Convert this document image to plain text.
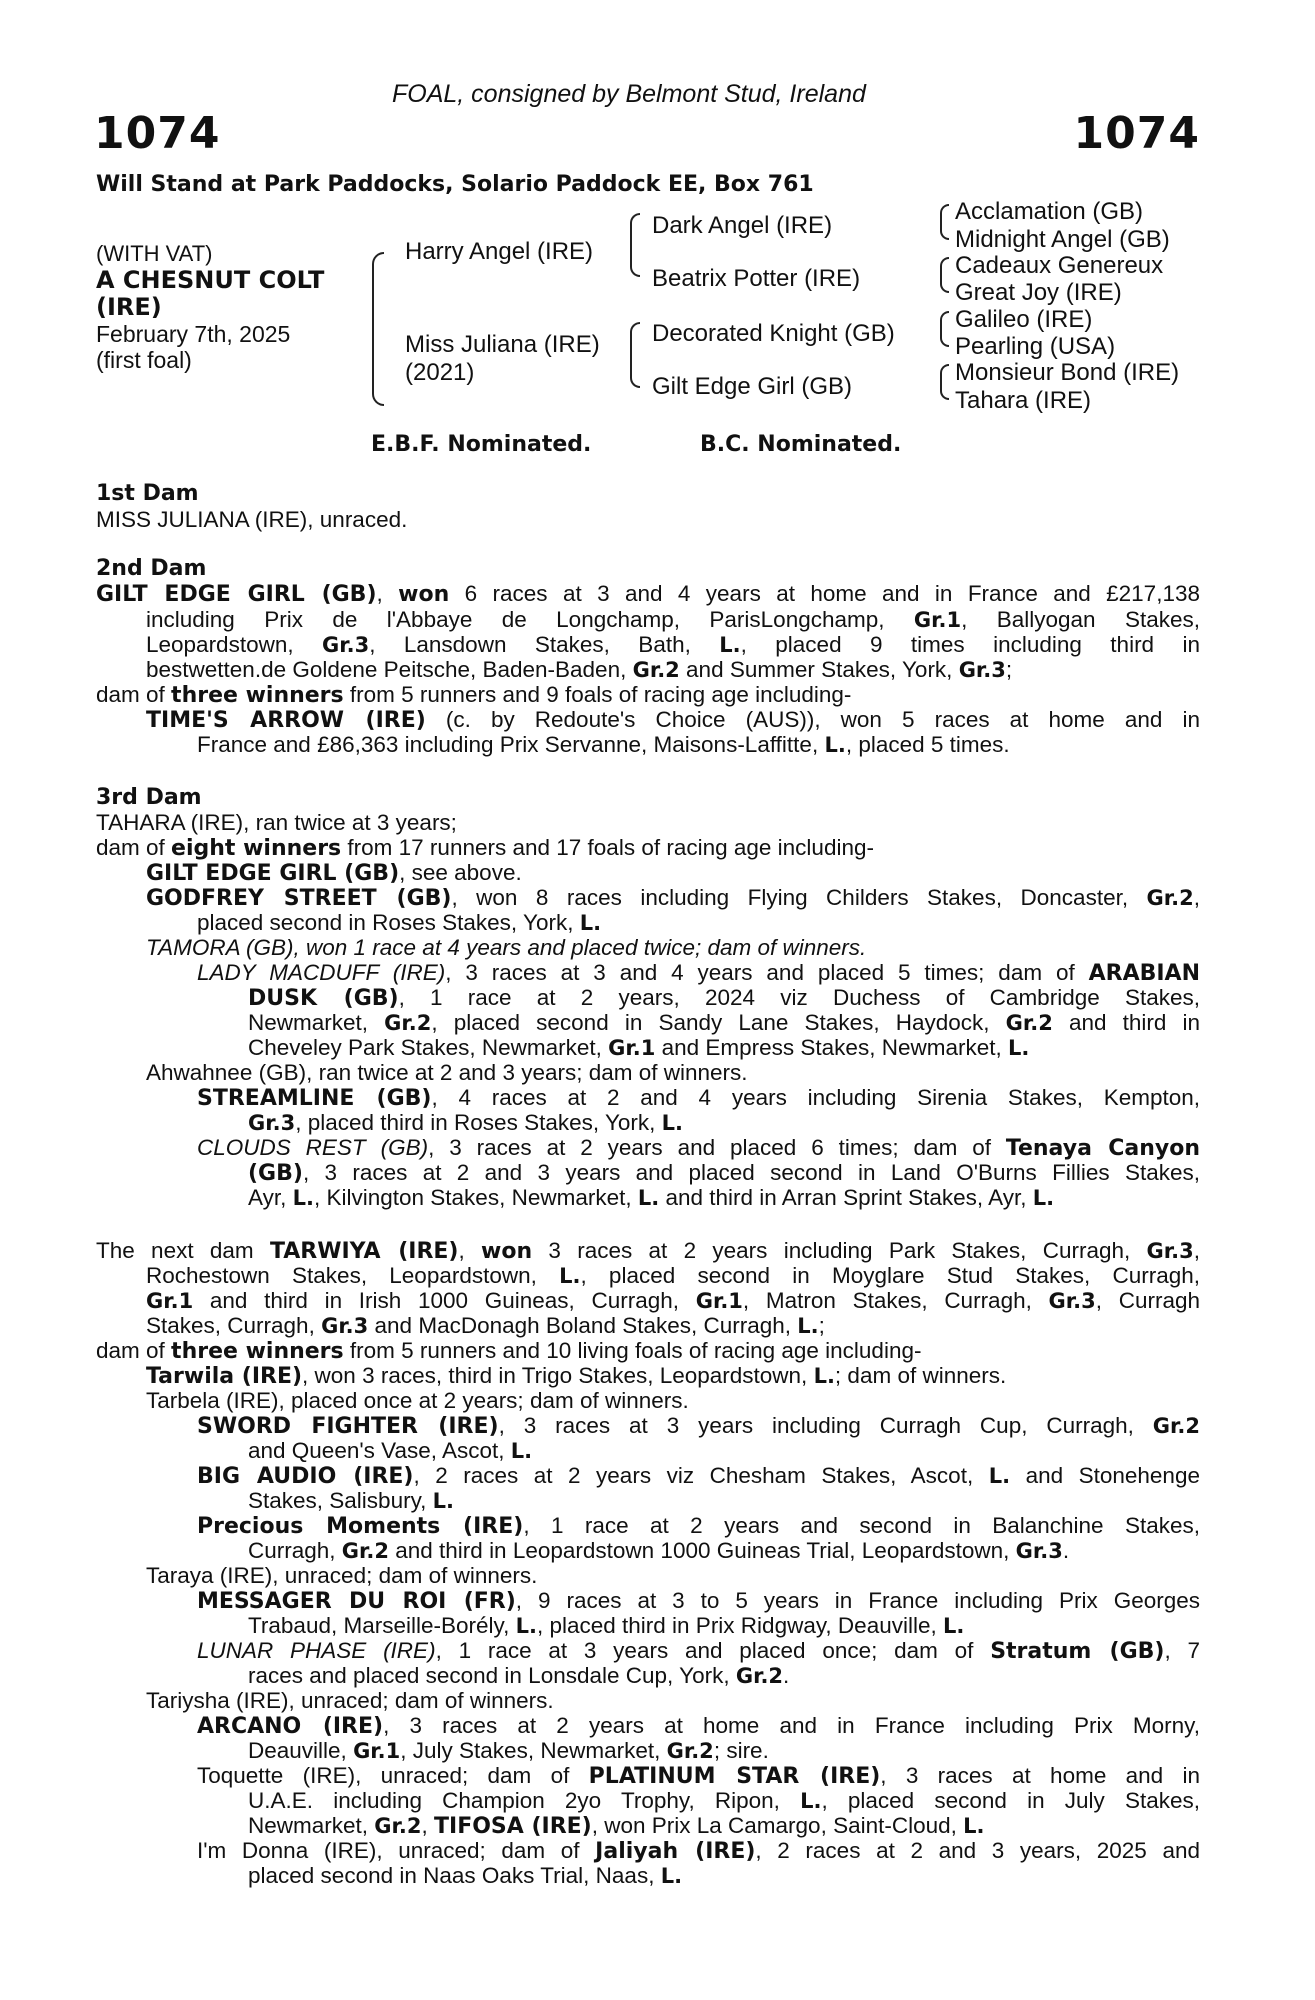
FOAL, consigned by Belmont Stud, Ireland
1074	1074
Will Stand at Park Paddocks, Solario Paddock EE, Box 761
(WITH VAT)
A CHESNUT COLT
(IRE)
February 7th, 2025
(first foal)
Harry Angel (IRE)
Miss Juliana (IRE)
(2021)
Dark Angel (IRE)
Beatrix Potter (IRE)
Decorated Knight (GB)
Gilt Edge Girl (GB)
Acclamation (GB)
Midnight Angel (GB)
Cadeaux Genereux
Great Joy (IRE)
Galileo (IRE)
Pearling (USA)
Monsieur Bond (IRE)
Tahara (IRE)
E.B.F. Nominated.	B.C. Nominated.
1st Dam
MISS JULIANA (IRE), unraced.
2nd Dam
GILT EDGE GIRL (GB), won 6 races at 3 and 4 years at home and in France and £217,138
including Prix de l'Abbaye de Longchamp, ParisLongchamp, Gr.1, Ballyogan Stakes,
Leopardstown, Gr.3, Lansdown Stakes, Bath, L., placed 9 times including third in
bestwetten.de Goldene Peitsche, Baden-Baden, Gr.2 and Summer Stakes, York, Gr.3;
dam of three winners from 5 runners and 9 foals of racing age including-
TIME'S ARROW (IRE) (c. by Redoute's Choice (AUS)), won 5 races at home and in
France and £86,363 including Prix Servanne, Maisons-Laffitte, L., placed 5 times.
3rd Dam
TAHARA (IRE), ran twice at 3 years;
dam of eight winners from 17 runners and 17 foals of racing age including-
GILT EDGE GIRL (GB), see above.
GODFREY STREET (GB), won 8 races including Flying Childers Stakes, Doncaster, Gr.2,
placed second in Roses Stakes, York, L.
TAMORA (GB), won 1 race at 4 years and placed twice; dam of winners.
LADY MACDUFF (IRE), 3 races at 3 and 4 years and placed 5 times; dam of ARABIAN
DUSK (GB), 1 race at 2 years, 2024 viz Duchess of Cambridge Stakes,
Newmarket, Gr.2, placed second in Sandy Lane Stakes, Haydock, Gr.2 and third in
Cheveley Park Stakes, Newmarket, Gr.1 and Empress Stakes, Newmarket, L.
Ahwahnee (GB), ran twice at 2 and 3 years; dam of winners.
STREAMLINE (GB), 4 races at 2 and 4 years including Sirenia Stakes, Kempton,
Gr.3, placed third in Roses Stakes, York, L.
CLOUDS REST (GB), 3 races at 2 years and placed 6 times; dam of Tenaya Canyon
(GB), 3 races at 2 and 3 years and placed second in Land O'Burns Fillies Stakes,
Ayr, L., Kilvington Stakes, Newmarket, L. and third in Arran Sprint Stakes, Ayr, L.
The next dam TARWIYA (IRE), won 3 races at 2 years including Park Stakes, Curragh, Gr.3,
Rochestown Stakes, Leopardstown, L., placed second in Moyglare Stud Stakes, Curragh,
Gr.1 and third in Irish 1000 Guineas, Curragh, Gr.1, Matron Stakes, Curragh, Gr.3, Curragh
Stakes, Curragh, Gr.3 and MacDonagh Boland Stakes, Curragh, L.;
dam of three winners from 5 runners and 10 living foals of racing age including-
Tarwila (IRE), won 3 races, third in Trigo Stakes, Leopardstown, L.; dam of winners.
Tarbela (IRE), placed once at 2 years; dam of winners.
SWORD FIGHTER (IRE), 3 races at 3 years including Curragh Cup, Curragh, Gr.2
and Queen's Vase, Ascot, L.
BIG AUDIO (IRE), 2 races at 2 years viz Chesham Stakes, Ascot, L. and Stonehenge
Stakes, Salisbury, L.
Precious Moments (IRE), 1 race at 2 years and second in Balanchine Stakes,
Curragh, Gr.2 and third in Leopardstown 1000 Guineas Trial, Leopardstown, Gr.3.
Taraya (IRE), unraced; dam of winners.
MESSAGER DU ROI (FR), 9 races at 3 to 5 years in France including Prix Georges
Trabaud, Marseille-Borély, L., placed third in Prix Ridgway, Deauville, L.
LUNAR PHASE (IRE), 1 race at 3 years and placed once; dam of Stratum (GB), 7
races and placed second in Lonsdale Cup, York, Gr.2.
Tariysha (IRE), unraced; dam of winners.
ARCANO (IRE), 3 races at 2 years at home and in France including Prix Morny,
Deauville, Gr.1, July Stakes, Newmarket, Gr.2; sire.
Toquette (IRE), unraced; dam of PLATINUM STAR (IRE), 3 races at home and in
U.A.E. including Champion 2yo Trophy, Ripon, L., placed second in July Stakes,
Newmarket, Gr.2, TIFOSA (IRE), won Prix La Camargo, Saint-Cloud, L.
I'm Donna (IRE), unraced; dam of Jaliyah (IRE), 2 races at 2 and 3 years, 2025 and
placed second in Naas Oaks Trial, Naas, L.
